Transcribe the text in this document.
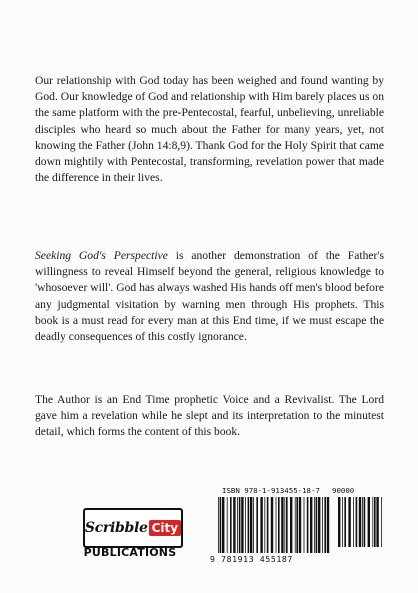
Our relationship with God today has been weighed and found wanting by God. Our knowledge of God and relationship with Him barely places us on the same platform with the pre-Pentecostal, fearful, unbelieving, unreliable disciples who heard so much about the Father for many years, yet, not knowing the Father (John 14:8,9). Thank God for the Holy Spirit that came down mightily with Pentecostal, transforming, revelation power that made the difference in their lives.

Seeking God's Perspective is another demonstration of the Father's willingness to reveal Himself beyond the general, religious knowledge to 'whosoever will'. God has always washed His hands off men's blood before any judgmental visitation by warning men through His prophets. This book is a must read for every man at this End time, if we must escape the deadly consequences of this costly ignorance.

The Author is an End Time prophetic Voice and a Revivalist. The Lord gave him a revelation while he slept and its interpretation to the minutest detail, which forms the content of this book.

Scribble City
PUBLICATIONS
ISBN 978-1-913455-18-7 90000
9 781913 455187
